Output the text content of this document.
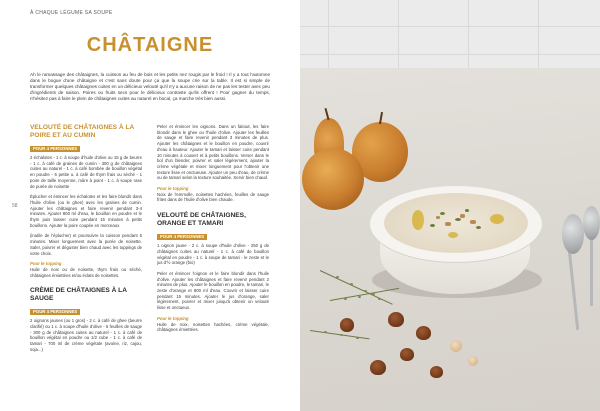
À CHAQUE LÉGUME SA SOUPE
CHÂTAIGNE
Ah le ramassage des châtaignes, la cuisson au feu de bois et les petits nez rougis par le froid ! Il y a tout l'automne dans le bogue d'une châtaigne et c'est sans doute pour ça que la soupe crie sur la table. Il est si simple de transformer quelques châtaignes cuites en un délicieux velouté qu'il n'y a aucune raison de ne pas les tester avec peu d'ingrédients de saison. Poires ou fruits secs pour le délicieux contraste qu'ils offrent ! Pour gagner du temps, n'hésitez pas à faire le plein de châtaignes cuites au naturel en bocal, ça marche très bien aussi.
58
VELOUTÉ DE CHÂTAIGNES À LA POIRE ET AU CUMIN
POUR 4 PERSONNES
2 échalotes - 1 c. à soupe d'huile d'olive ou 15 g de beurre - 1 c. à café de graines de cumin - 300 g de châtaignes cuites au naturel - 1 c. à café bombée de bouillon végétal en poudre - 5 petite u. à café de thym frais ou séché - 1 poire de taille moyenne, mûre à point - 1 c. à soupe rase de purée de noisette
Éplucher et émincer les échalotes et les faire blondir dans l'huile d'olive (ou le ghee) avec les graines de cumin. Ajouter les châtaignes et faire revenir pendant 3-4 minutes. Ajouter 800 ml d'eau, le bouillon en poudre et le thym puis laisser cuire pendant 15 minutes à petits bouillons. Ajouter la poire coupée en morceaux
(inutile de l'éplucher) et poursuivre la cuisson pendant 5 minutes. Mixer longuement avec la purée de noisette. Saler, poivrer et déguster bien chaud avec les toppings de votre choix.
Pour le topping
Huile de noix ou de noisette, thym frais ou séché, châtaignes émiettées et/ou éclats de noisettes.
CRÈME DE CHÂTAIGNES À LA SAUGE
POUR 4 PERSONNES
2 oignons jaunes (ou 1 gros) - 2 c. à café de ghee (beurre clarifié) ou 1 c. à soupe d'huile d'olive - 5 feuilles de sauge - 300 g de châtaignes cuites au naturel - 1 c. à café de bouillon végétal en poudre ou 1/2 cube - 1 c. à café de tamari - 700 ml de crème végétale (avoine, riz, cajou, soja...)
Peler et émincer les oignons. Dans un faitout, les faire blondir dans le ghee ou l'huile d'olive. Ajouter les feuilles de sauge et faire revenir pendant 3 minutes de plus. Ajouter les châtaignes et le bouillon en poudre, couvrir d'eau à hauteur. Ajouter le tamari et laisser cuire pendant 10 minutes à couvert et à petits bouillons. Verser dans le bol d'un blender, poivrer et saler légèrement, ajouter la crème végétale et mixer longuement pour l'obtenir une texture lisse et onctueuse. Ajouter un peu d'eau, de crème ou de tamari selon la texture souhaitée. Servir bien chaud.
Pour le topping
Noix de l'emmolle, noisettes hachées, feuilles de sauge frites dans de l'huile d'olive bien chaude.
VELOUTÉ DE CHÂTAIGNES, ORANGE ET TAMARI
POUR 4 PERSONNES
1 oignon jaune - 2 c. à soupe d'huile d'olive - 250 g de châtaignes cuites au naturel - 1 c. à café de bouillon végétal en poudre - 1 c. à soupe de tamari - le zeste et le jus d'½ orange (bio)
Peler et émincer l'oignon et le faire blondir dans l'huile d'olive. Ajouter les châtaignes et faire revenir pendant 2 minutes de plus. Ajouter le bouillon en poudre, le tamari, le zeste d'orange et 800 ml d'eau. Couvrir et laisser cuire pendant 15 minutes. Ajouter le jus d'orange, saler légèrement, poivrer et mixer jusqu'à obtenir un velouté lisse et onctueux.
Pour le topping
Huile de noix, noisettes hachées, crème végétale, châtaignes émiettées.
